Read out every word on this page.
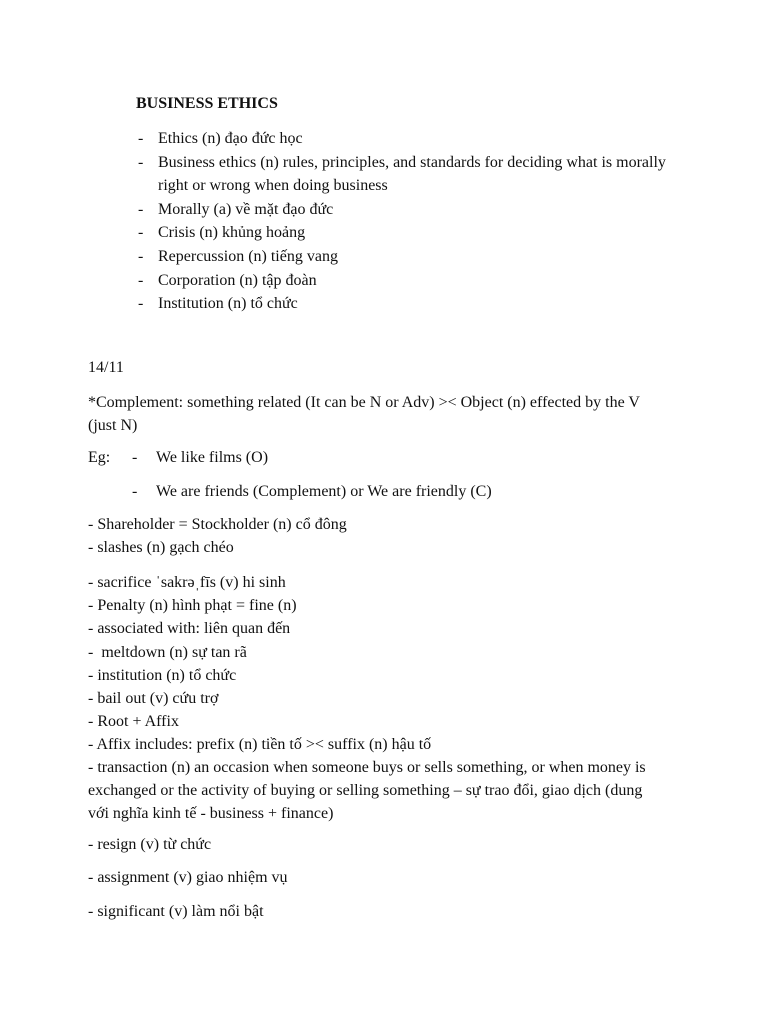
BUSINESS ETHICS
- Ethics (n) đạo đức học
- Business ethics (n) rules, principles, and standards for deciding what is morally right or wrong when doing business
- Morally (a) về mặt đạo đức
- Crisis (n) khủng hoảng
- Repercussion (n) tiếng vang
- Corporation (n) tập đoàn
- Institution (n) tổ chức
14/11
*Complement: something related (It can be N or Adv) >< Object (n) effected by the V (just N)
Eg: - We like films (O)
- We are friends (Complement) or We are friendly (C)
- Shareholder = Stockholder (n) cổ đông
- slashes (n) gạch chéo
- sacrifice ˈsakrəˌfīs (v) hi sinh
- Penalty (n) hình phạt = fine (n)
- associated with: liên quan đến
-  meltdown (n) sự tan rã
- institution (n) tổ chức
- bail out (v) cứu trợ
- Root + Affix
- Affix includes: prefix (n) tiền tố >< suffix (n) hậu tố
- transaction (n) an occasion when someone buys or sells something, or when money is exchanged or the activity of buying or selling something – sự trao đổi, giao dịch (dung với nghĩa kinh tế - business + finance)
- resign (v) từ chức
- assignment (v) giao nhiệm vụ
- significant (v) làm nổi bật
